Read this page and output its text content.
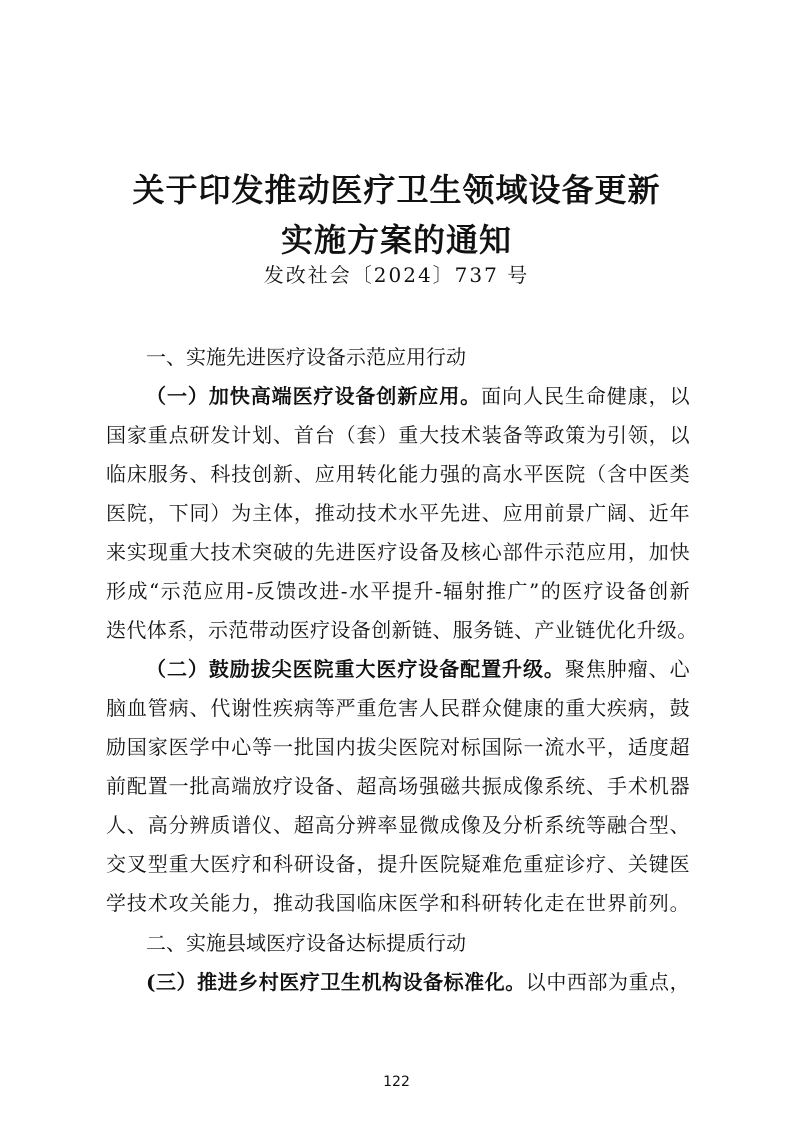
关于印发推动医疗卫生领域设备更新
实施方案的通知
发改社会〔2024〕737 号
一、实施先进医疗设备示范应用行动
（一）加快高端医疗设备创新应用。面向人民生命健康，以
国家重点研发计划、首台（套）重大技术装备等政策为引领，以
临床服务、科技创新、应用转化能力强的高水平医院（含中医类
医院，下同）为主体，推动技术水平先进、应用前景广阔、近年
来实现重大技术突破的先进医疗设备及核心部件示范应用，加快
形成“示范应用-反馈改进-水平提升-辐射推广”的医疗设备创新
迭代体系，示范带动医疗设备创新链、服务链、产业链优化升级。
（二）鼓励拔尖医院重大医疗设备配置升级。聚焦肿瘤、心
脑血管病、代谢性疾病等严重危害人民群众健康的重大疾病，鼓
励国家医学中心等一批国内拔尖医院对标国际一流水平，适度超
前配置一批高端放疗设备、超高场强磁共振成像系统、手术机器
人、高分辨质谱仪、超高分辨率显微成像及分析系统等融合型、
交叉型重大医疗和科研设备，提升医院疑难危重症诊疗、关键医
学技术攻关能力，推动我国临床医学和科研转化走在世界前列。
二、实施县域医疗设备达标提质行动
(三）推进乡村医疗卫生机构设备标准化。以中西部为重点，
122
